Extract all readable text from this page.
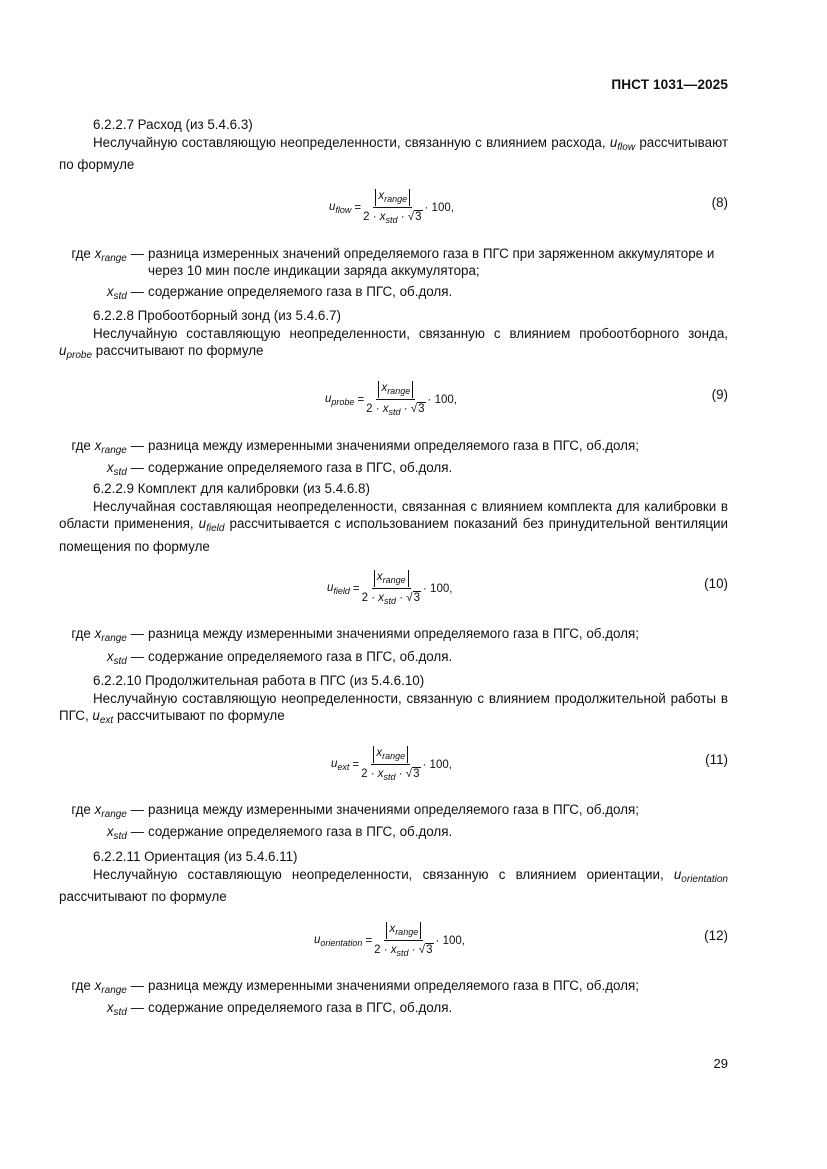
ПНСТ 1031—2025

6.2.2.7 Расход (из 5.4.6.3)

Неслучайную составляющую неопределенности, связанную с влиянием расхода, $u_{flow}$ рассчитывают по формуле

$u_{flow} = \frac{x_{range}}{2 \cdot x_{std} \cdot √3}$ ·
100,	(8)
где $x_{range}$ — разница измеренных значений определяемого газа в ПГС при заряженном аккумуляторе и через 10 мин после индикации заряда аккумулятора;
$x_{std}$ — содержание определяемого газа в ПГС, об.доля.

6.2.2.8 Пробоотборный зонд (из 5.4.6.7)

Неслучайную составляющую неопределенности, связанную с влиянием пробоотборного зонда, $u_{probe}$ рассчитывают по формуле

$u_{probe} = \frac{x_{range}}{2 \cdot x_{std} \cdot √3}$ ·
100,	(9)
где $x_{range}$ — разница между измеренными значениями определяемого газа в ПГС, об.доля;
$x_{std}$ — содержание определяемого газа в ПГС, об.доля.

6.2.2.9 Комплект для калибровки (из 5.4.6.8)

Неслучайная составляющая неопределенности, связанная с влиянием комплекта для калибровки в области применения, $u_{field}$ рассчитывается с использованием показаний без принудительной вентиляции помещения по формуле

$u_{field} = \frac{x_{range}}{2 \cdot x_{std} \cdot √3}$ ·
100,	(10)
где $x_{range}$ — разница между измеренными значениями определяемого газа в ПГС, об.доля;
$x_{std}$ — содержание определяемого газа в ПГС, об.доля.

6.2.2.10 Продолжительная работа в ПГС (из 5.4.6.10)

Неслучайную составляющую неопределенности, связанную с влиянием продолжительной работы в ПГС, $u_{ext}$ рассчитывают по формуле

$u_{ext} = \frac{x_{range}}{2 \cdot x_{std} \cdot √3}$ ·
100,	(11)
где $x_{range}$ — разница между измеренными значениями определяемого газа в ПГС, об.доля;
$x_{std}$ — содержание определяемого газа в ПГС, об.доля.

6.2.2.11 Ориентация (из 5.4.6.11)

Неслучайную составляющую неопределенности, связанную с влиянием ориентации, $u_{orientation}$ рассчитывают по формуле

$u_{orientation} = \frac{x_{range}}{2 \cdot x_{std} \cdot √3}$ ·
100,	(12)
где $x_{range}$ — разница между измеренными значениями определяемого газа в ПГС, об.доля;
$x_{std}$ — содержание определяемого газа в ПГС, об.доля.
29
